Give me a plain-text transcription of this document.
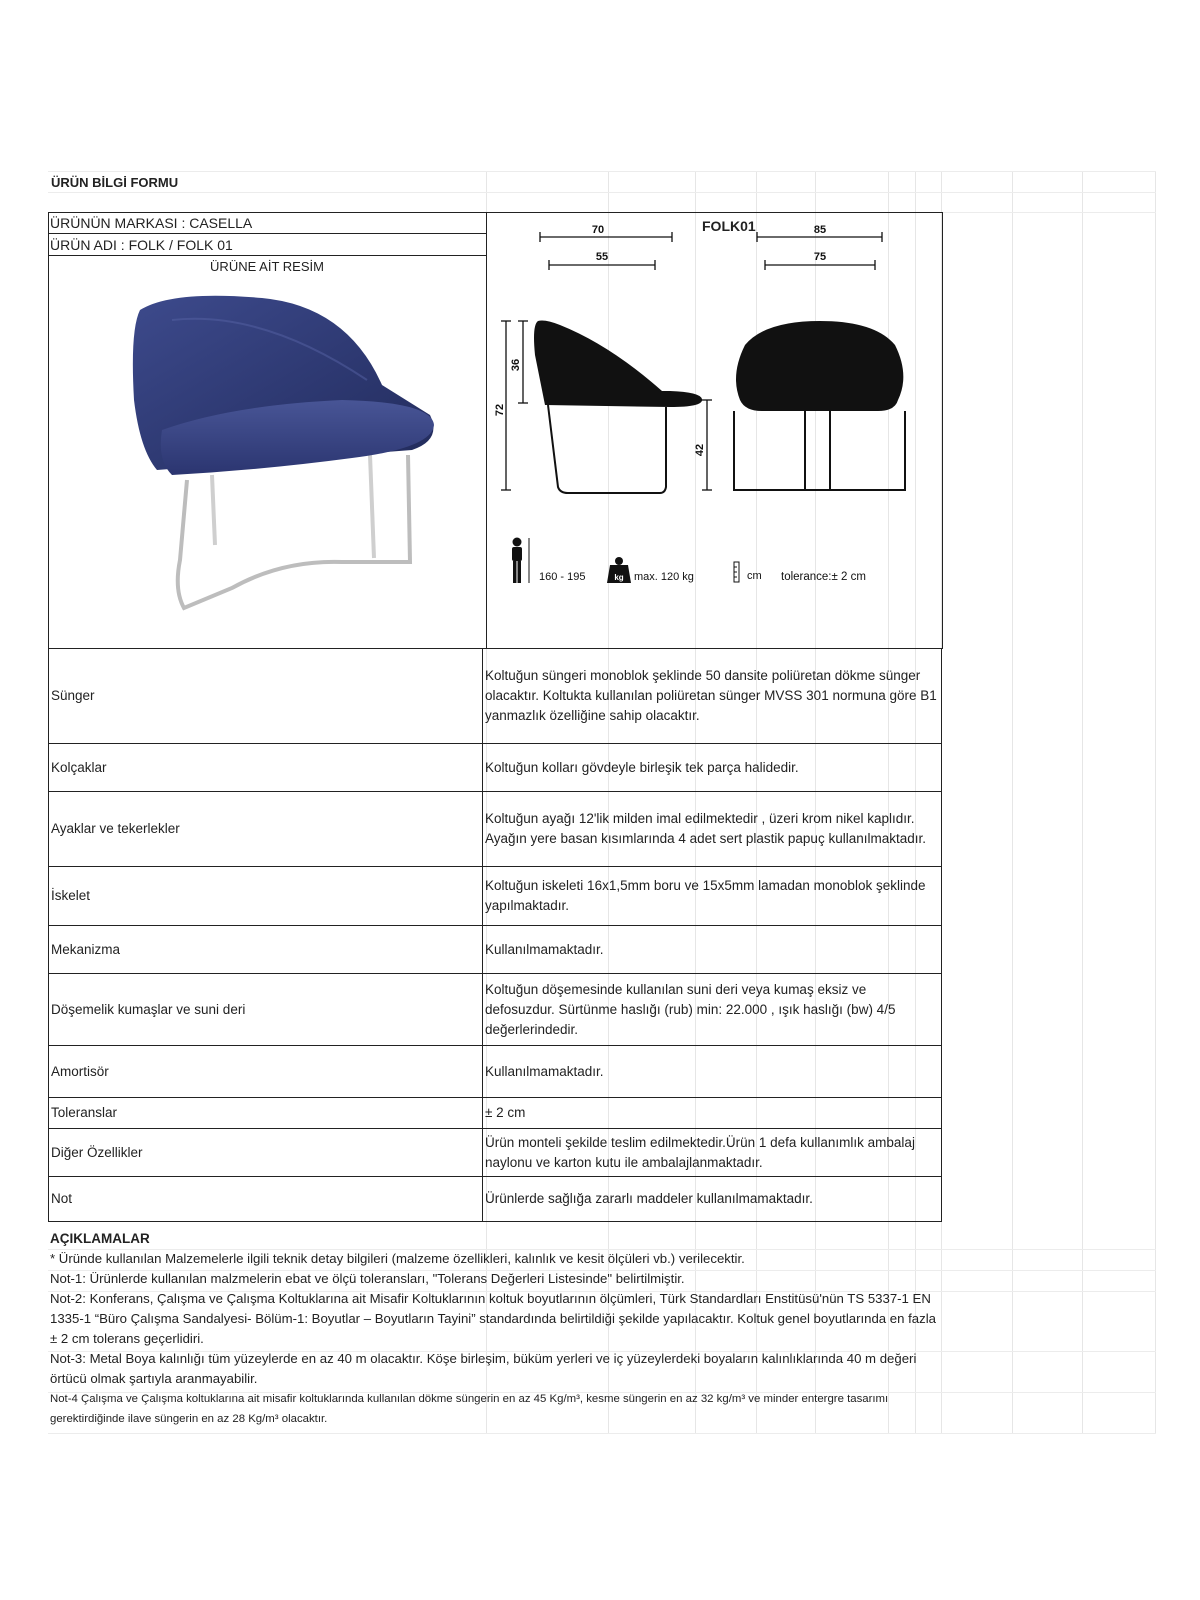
ÜRÜN BİLGİ FORMU
ÜRÜNÜN MARKASI : CASELLA
ÜRÜN ADI : FOLK / FOLK 01
ÜRÜNE AİT RESİM
FOLK01
70
55
85
75
72
36
42
160 - 195	kg max. 120 kg	cm tolerance:± 2 cm
Sünger	Koltuğun süngeri monoblok şeklinde 50 dansite poliüretan dökme sünger olacaktır. Koltukta kullanılan poliüretan sünger MVSS 301 normuna göre B1 yanmazlık özelliğine sahip olacaktır.
Kolçaklar	Koltuğun kolları gövdeyle birleşik tek parça halidedir.
Ayaklar ve tekerlekler	Koltuğun ayağı 12'lik milden imal edilmektedir , üzeri krom nikel kaplıdır. Ayağın yere basan kısımlarında 4 adet sert plastik papuç kullanılmaktadır.
İskelet	Koltuğun iskeleti 16x1,5mm boru ve 15x5mm lamadan monoblok şeklinde yapılmaktadır.
Mekanizma	Kullanılmamaktadır.
Döşemelik kumaşlar ve suni deri	Koltuğun döşemesinde kullanılan suni deri veya kumaş eksiz ve defosuzdur. Sürtünme haslığı (rub) min: 22.000 , ışık haslığı (bw) 4/5 değerlerindedir.
Amortisör	Kullanılmamaktadır.
Toleranslar	± 2 cm
Diğer Özellikler	Ürün monteli şekilde teslim edilmektedir.Ürün 1 defa kullanımlık ambalaj naylonu ve karton kutu ile ambalajlanmaktadır.
Not	Ürünlerde sağlığa zararlı maddeler kullanılmamaktadır.

AÇIKLAMALAR

* Üründe kullanılan Malzemelerle ilgili teknik detay bilgileri (malzeme özellikleri, kalınlık ve kesit ölçüleri vb.) verilecektir.

Not-1: Ürünlerde kullanılan malzmelerin ebat ve ölçü toleransları, "Tolerans Değerleri Listesinde" belirtilmiştir.

Not-2: Konferans, Çalışma ve Çalışma Koltuklarına ait Misafir Koltuklarının koltuk boyutlarının ölçümleri, Türk Standardları Enstitüsü'nün TS 5337-1 EN 1335-1 “Büro Çalışma Sandalyesi- Bölüm-1: Boyutlar – Boyutların Tayini” standardında belirtildiği şekilde yapılacaktır. Koltuk genel boyutlarında en fazla ± 2 cm tolerans geçerlidiri.

Not-3: Metal Boya kalınlığı tüm yüzeylerde en az 40 m olacaktır. Köşe birleşim, büküm yerleri ve iç yüzeylerdeki boyaların kalınlıklarında 40 m değeri örtücü olmak şartıyla aranmayabilir.

Not-4 Çalışma ve Çalışma koltuklarına ait misafir koltuklarında kullanılan dökme süngerin en az 45 Kg/m³, kesme süngerin en az 32 kg/m³ ve minder entergre tasarımı gerektirdiğinde ilave süngerin en az 28 Kg/m³ olacaktır.
